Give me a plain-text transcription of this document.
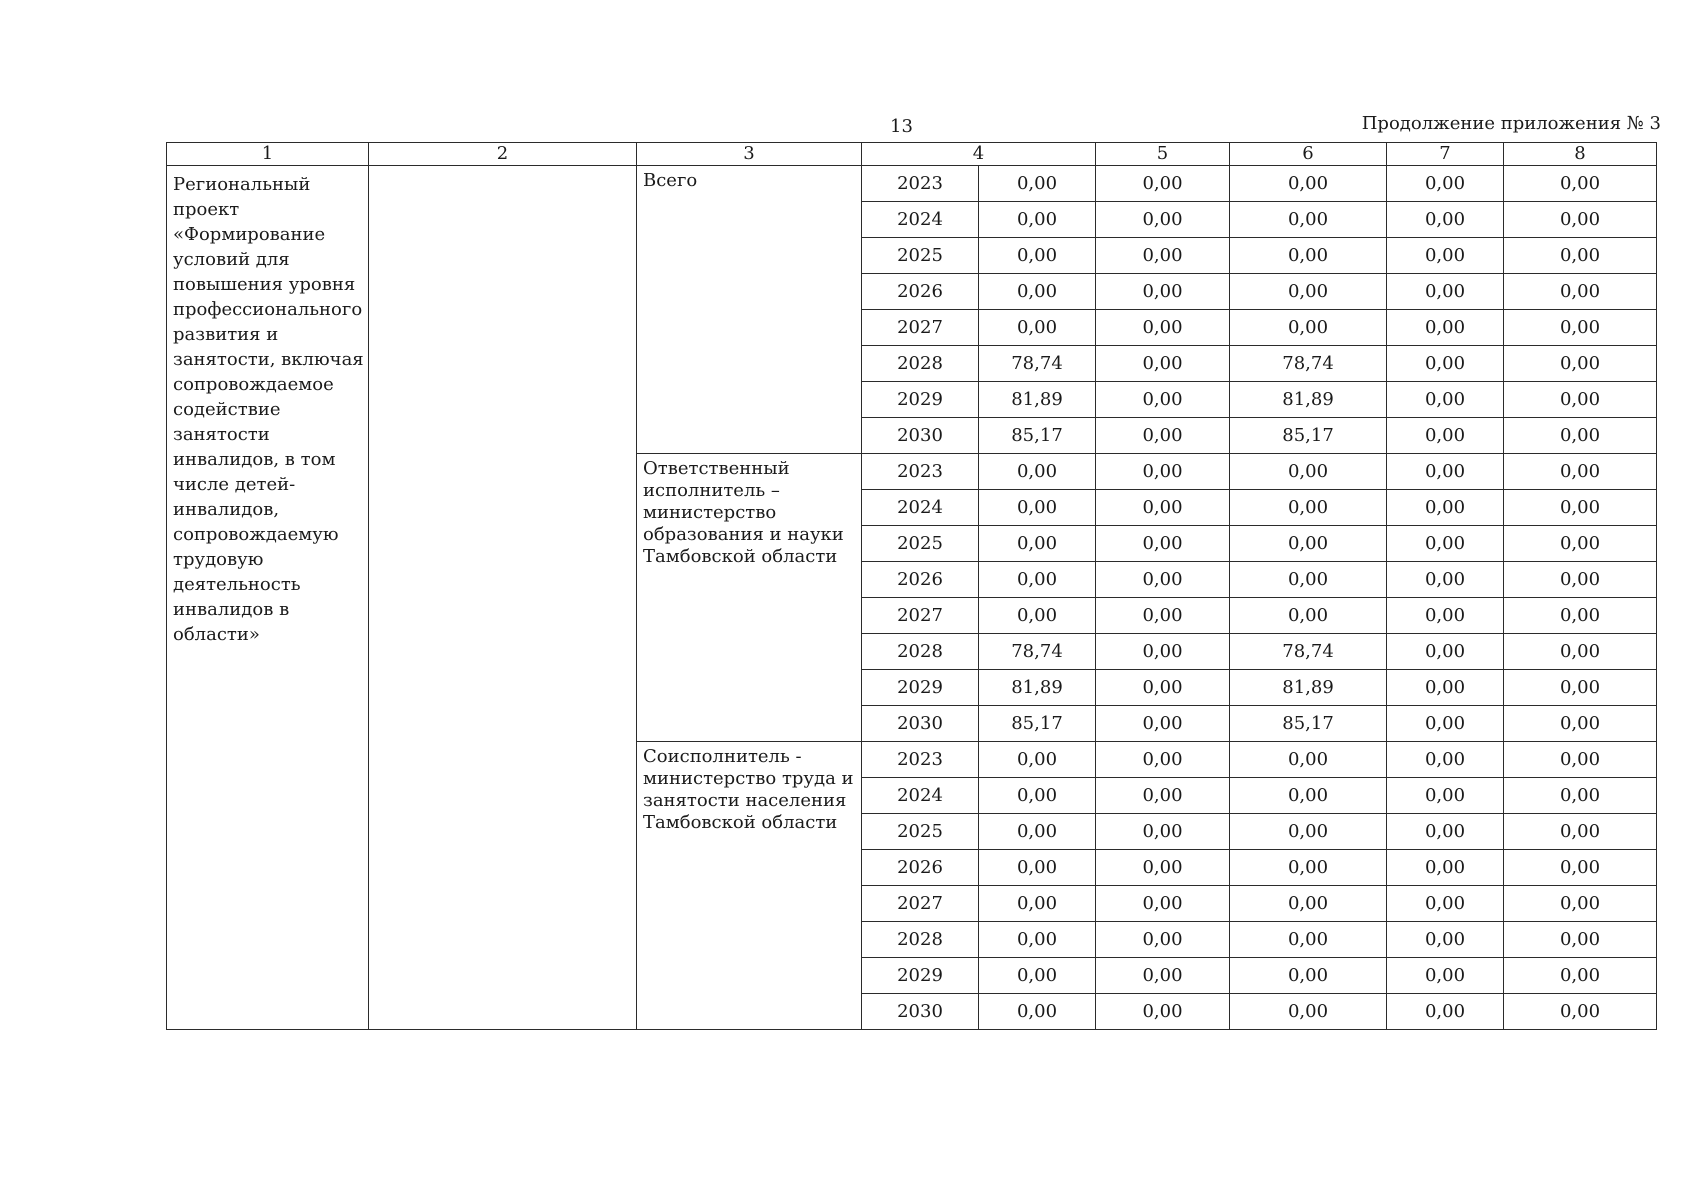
13	Продолжение приложения № 3
1	2	3	4		5	6	7	8
Региональный проект «Формирование условий для повышения уровня профессионального развития и занятости, включая сопровождаемое содействие занятости инвалидов, в том числе детей-инвалидов, сопровождаемую трудовую деятельность инвалидов в области»		Всего	2023	0,00	0,00	0,00	0,00	0,00
			2024	0,00	0,00	0,00	0,00	0,00
			2025	0,00	0,00	0,00	0,00	0,00
			2026	0,00	0,00	0,00	0,00	0,00
			2027	0,00	0,00	0,00	0,00	0,00
			2028	78,74	0,00	78,74	0,00	0,00
			2029	81,89	0,00	81,89	0,00	0,00
			2030	85,17	0,00	85,17	0,00	0,00
		Ответственный исполнитель – министерство образования и науки Тамбовской области	2023	0,00	0,00	0,00	0,00	0,00
			2024	0,00	0,00	0,00	0,00	0,00
			2025	0,00	0,00	0,00	0,00	0,00
			2026	0,00	0,00	0,00	0,00	0,00
			2027	0,00	0,00	0,00	0,00	0,00
			2028	78,74	0,00	78,74	0,00	0,00
			2029	81,89	0,00	81,89	0,00	0,00
			2030	85,17	0,00	85,17	0,00	0,00
		Соисполнитель - министерство труда и занятости населения Тамбовской области	2023	0,00	0,00	0,00	0,00	0,00
			2024	0,00	0,00	0,00	0,00	0,00
			2025	0,00	0,00	0,00	0,00	0,00
			2026	0,00	0,00	0,00	0,00	0,00
			2027	0,00	0,00	0,00	0,00	0,00
			2028	0,00	0,00	0,00	0,00	0,00
			2029	0,00	0,00	0,00	0,00	0,00
			2030	0,00	0,00	0,00	0,00	0,00
